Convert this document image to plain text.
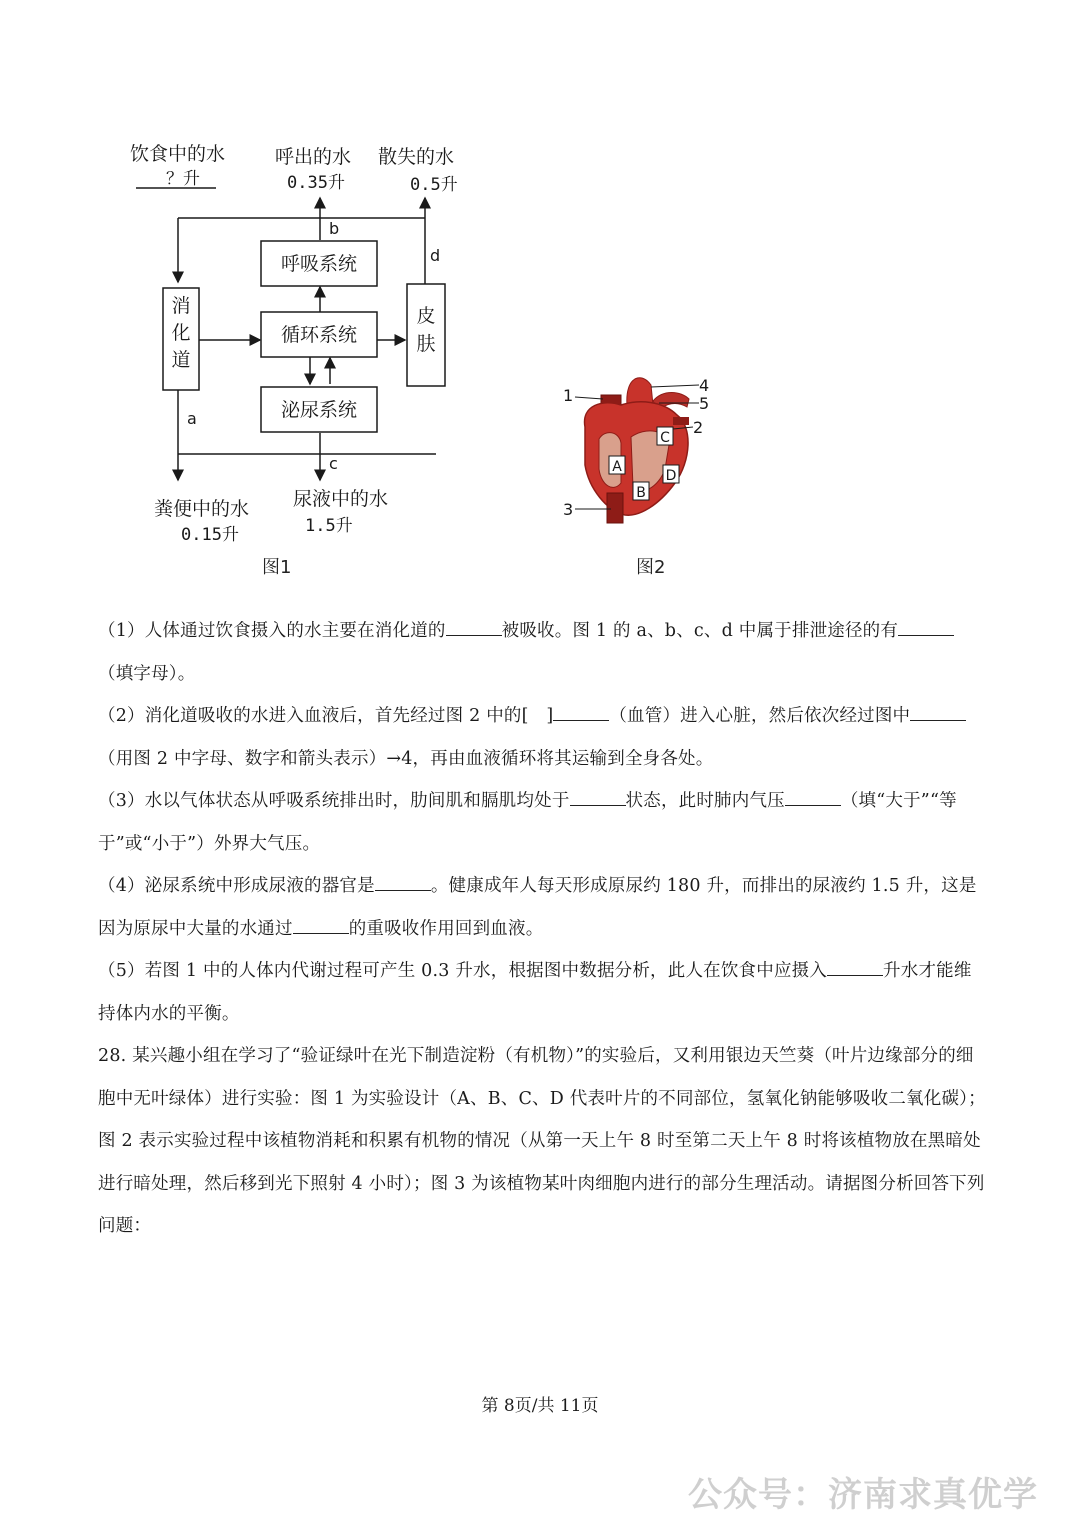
呼吸系统
循环系统
泌尿系统
消化道
皮肤
饮食中的水
？升
呼出的水
0.35升
散失的水
0.5升
粪便中的水
0.15升
尿液中的水
1.5升
a
b
c
d
图1
1
2
3
4
5
A
B
C
D
图2

（1）人体通过饮食摄入的水主要在消化道的	被吸收。图 1 的 a、b、c、d 中属于排泄途径的有（填字母）。

（2）消化道吸收的水进入血液后，首先经过图 2 中的[　]	（血管）进入心脏，然后依次经过图中（用图 2 中字母、数字和箭头表示）→4，再由血液循环将其运输到全身各处。

（3）水以气体状态从呼吸系统排出时，肋间肌和膈肌均处于	状态，此时肺内气压	（填“大于”“等于”或“小于”）外界大气压。

（4）泌尿系统中形成尿液的器官是	。健康成年人每天形成原尿约 180 升，而排出的尿液约 1.5 升，这是因为原尿中大量的水通过	的重吸收作用回到血液。

（5）若图 1 中的人体内代谢过程可产生 0.3 升水，根据图中数据分析，此人在饮食中应摄入	升水才能维持体内水的平衡。

28. 某兴趣小组在学习了“验证绿叶在光下制造淀粉（有机物）”的实验后，又利用银边天竺葵（叶片边缘部分的细胞中无叶绿体）进行实验：图 1 为实验设计（A、B、C、D 代表叶片的不同部位，氢氧化钠能够吸收二氧化碳）；图 2 表示实验过程中该植物消耗和积累有机物的情况（从第一天上午 8 时至第二天上午 8 时将该植物放在黑暗处进行暗处理，然后移到光下照射 4 小时）；图 3 为该植物某叶肉细胞内进行的部分生理活动。请据图分析回答下列问题：

第 8页/共 11页
公众号：济南求真优学
